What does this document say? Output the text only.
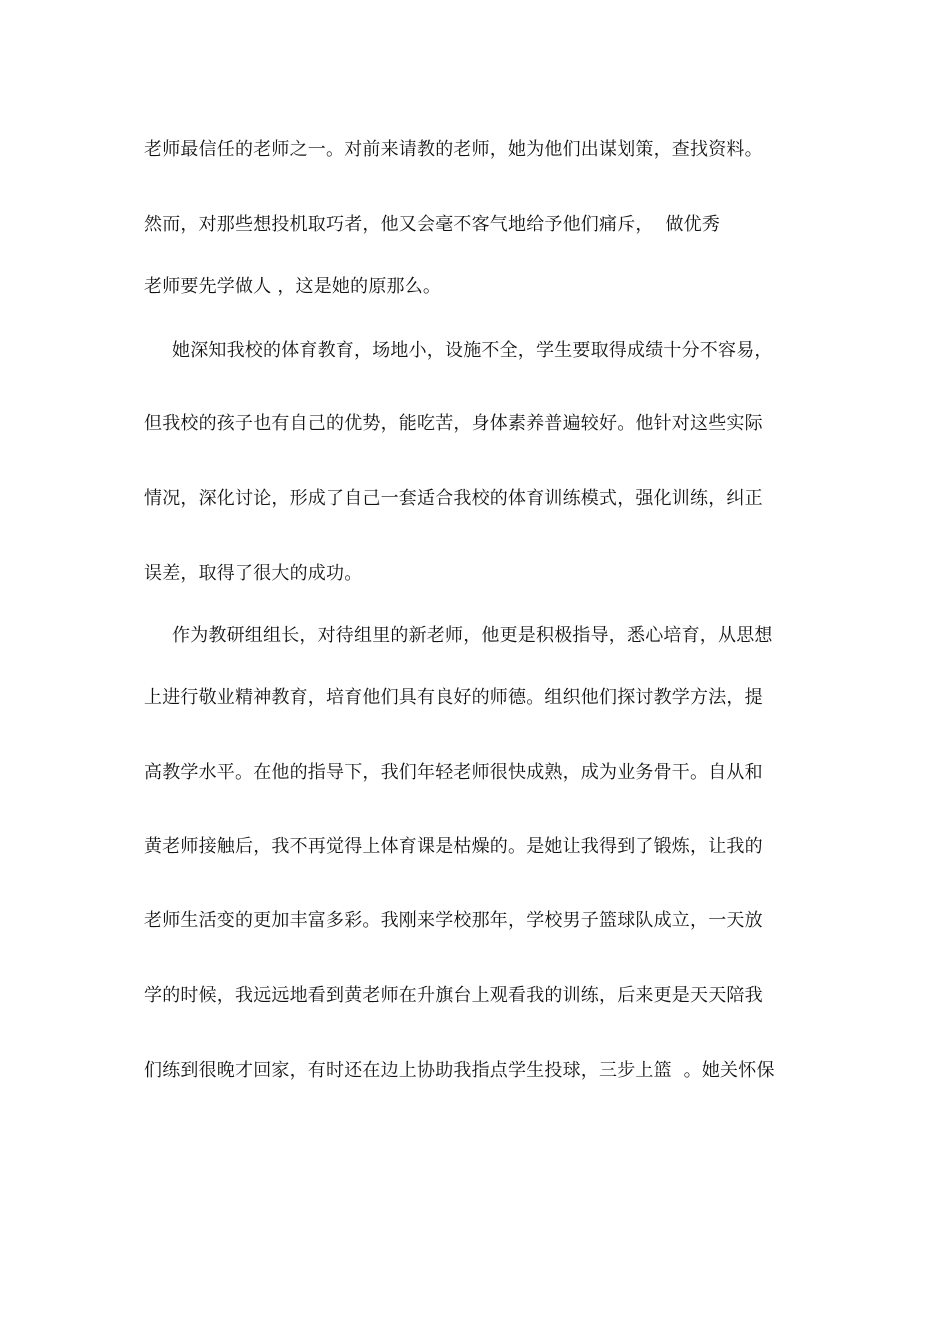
老师最信任的老师之一。对前来请教的老师，她为他们出谋划策，查找资料。
然而，对那些想投机取巧者，他又会毫不客气地给予他们痛斥，  做优秀
老师要先学做人 ，这是她的原那么。
她深知我校的体育教育，场地小，设施不全，学生要取得成绩十分不容易，
但我校的孩子也有自己的优势，能吃苦，身体素养普遍较好。他针对这些实际
情况，深化讨论，形成了自己一套适合我校的体育训练模式，强化训练，纠正
误差，取得了很大的成功。
作为教研组组长，对待组里的新老师，他更是积极指导，悉心培育，从思想
上进行敬业精神教育，培育他们具有良好的师德。组织他们探讨教学方法，提
高教学水平。在他的指导下，我们年轻老师很快成熟，成为业务骨干。自从和
黄老师接触后，我不再觉得上体育课是枯燥的。是她让我得到了锻炼，让我的
老师生活变的更加丰富多彩。我刚来学校那年，学校男子篮球队成立，一天放
学的时候，我远远地看到黄老师在升旗台上观看我的训练，后来更是天天陪我
们练到很晚才回家，有时还在边上协助我指点学生投球，三步上篮  。她关怀保
